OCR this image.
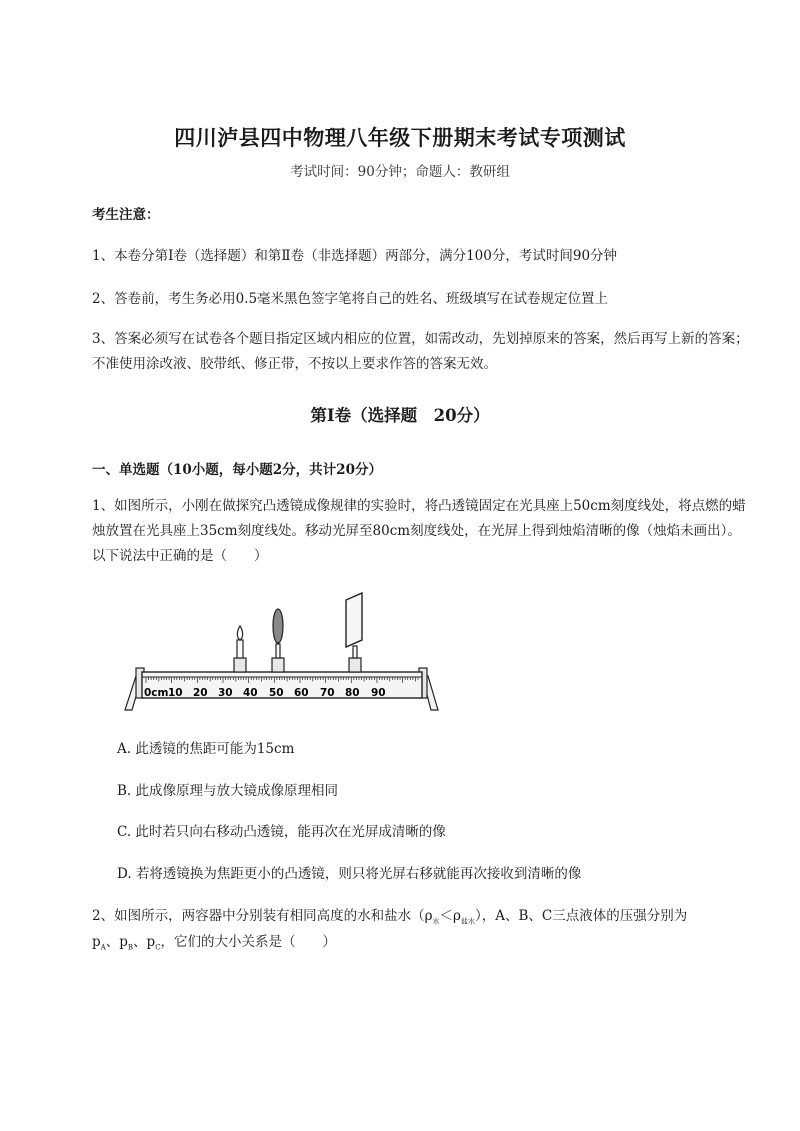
四川泸县四中物理八年级下册期末考试专项测试
考试时间：90分钟；命题人：教研组
考生注意：
1、本卷分第I卷（选择题）和第Ⅱ卷（非选择题）两部分，满分100分，考试时间90分钟
2、答卷前，考生务必用0.5毫米黑色签字笔将自己的姓名、班级填写在试卷规定位置上
3、答案必须写在试卷各个题目指定区域内相应的位置，如需改动，先划掉原来的答案，然后再写上新的答案；不准使用涂改液、胶带纸、修正带，不按以上要求作答的答案无效。
第I卷（选择题　20分）
一、单选题（10小题，每小题2分，共计20分）
1、如图所示，小刚在做探究凸透镜成像规律的实验时，将凸透镜固定在光具座上50cm刻度线处，将点燃的蜡烛放置在光具座上35cm刻度线处。移动光屏至80cm刻度线处，在光屏上得到烛焰清晰的像（烛焰未画出）。以下说法中正确的是（　　）
0cm 10 20 30 40 50 60 70 80 90
A. 此透镜的焦距可能为15cm
B. 此成像原理与放大镜成像原理相同
C. 此时若只向右移动凸透镜，能再次在光屏成清晰的像
D. 若将透镜换为焦距更小的凸透镜，则只将光屏右移就能再次接收到清晰的像
2、如图所示，两容器中分别装有相同高度的水和盐水$(\rho_水<\rho_{盐水})$，A、B、C三点液体的压强分别为
$p_A$、$p_B$、$p_C$，它们的大小关系是（　　）
